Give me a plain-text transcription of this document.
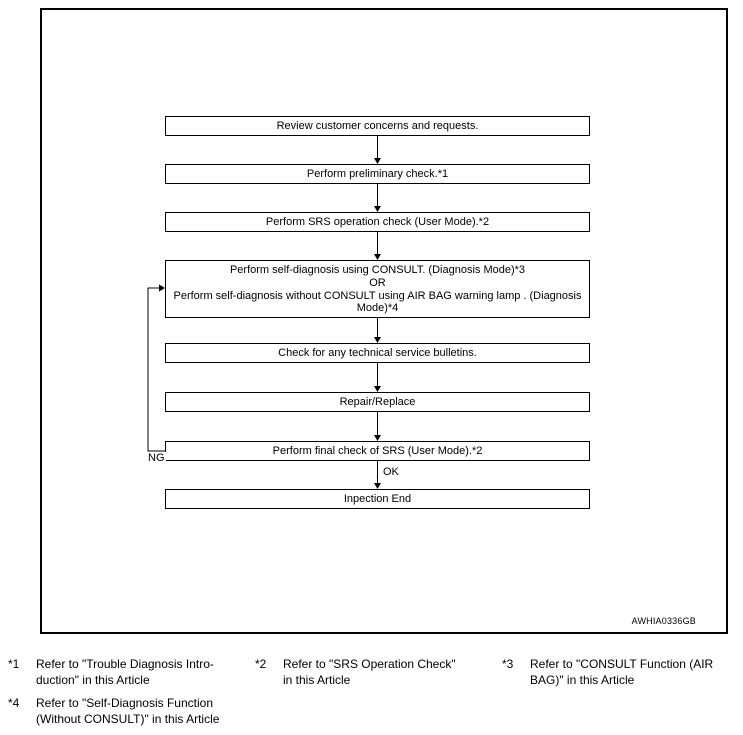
Review customer concerns and requests.
Perform preliminary check.*1
Perform SRS operation check (User Mode).*2
Perform self-diagnosis using CONSULT. (Diagnosis Mode)*3
OR
Perform self-diagnosis without CONSULT using AIR BAG warning lamp . (Diagnosis Mode)*4
Check for any technical service bulletins.
Repair/Replace
Perform final check of SRS (User Mode).*2
Inpection End
NG
OK
AWHIA0336GB
*1	Refer to "Trouble Diagnosis Intro-
duction" in this Article
*2	Refer to "SRS Operation Check"
in this Article
*3	Refer to "CONSULT Function (AIR
BAG)" in this Article
*4	Refer to "Self-Diagnosis Function
(Without CONSULT)" in this Article
